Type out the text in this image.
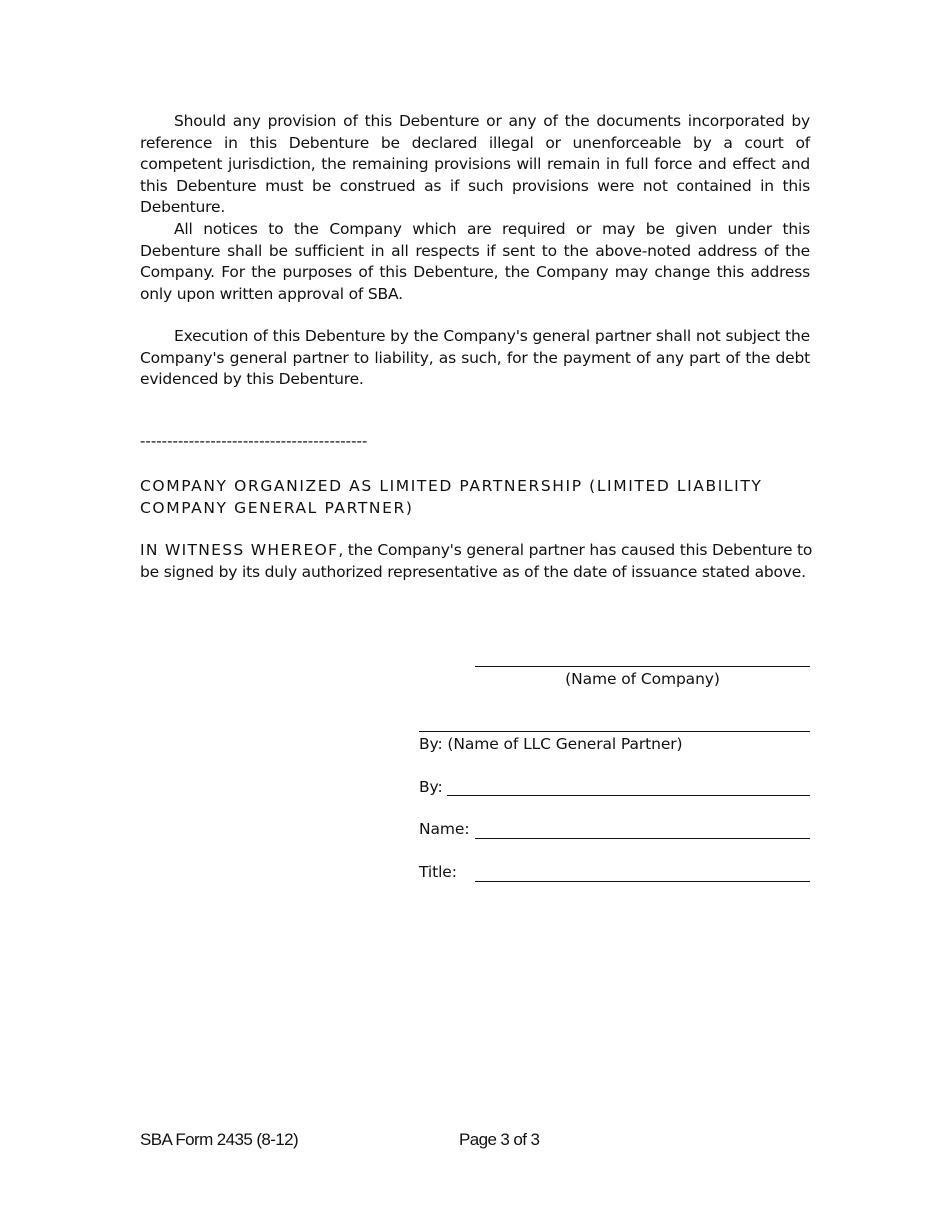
Should any provision of this Debenture or any of the documents incorporated by reference in this Debenture be declared illegal or unenforceable by a court of competent jurisdiction, the remaining provisions will remain in full force and effect and this Debenture must be construed as if such provisions were not contained in this Debenture.

All notices to the Company which are required or may be given under this Debenture shall be sufficient in all respects if sent to the above-noted address of the Company. For the purposes of this Debenture, the Company may change this address only upon written approval of SBA.

Execution of this Debenture by the Company's general partner shall not subject the Company's general partner to liability, as such, for the payment of any part of the debt evidenced by this Debenture.

------------------------------------------

COMPANY ORGANIZED AS LIMITED PARTNERSHIP (LIMITED LIABILITY COMPANY GENERAL PARTNER)

IN WITNESS WHEREOF, the Company's general partner has caused this Debenture to be signed by its duly authorized representative as of the date of issuance stated above.

(Name of Company)

By: (Name of LLC General Partner)

By:

Name:

Title:

SBA Form 2435 (8-12)	Page 3 of 3
